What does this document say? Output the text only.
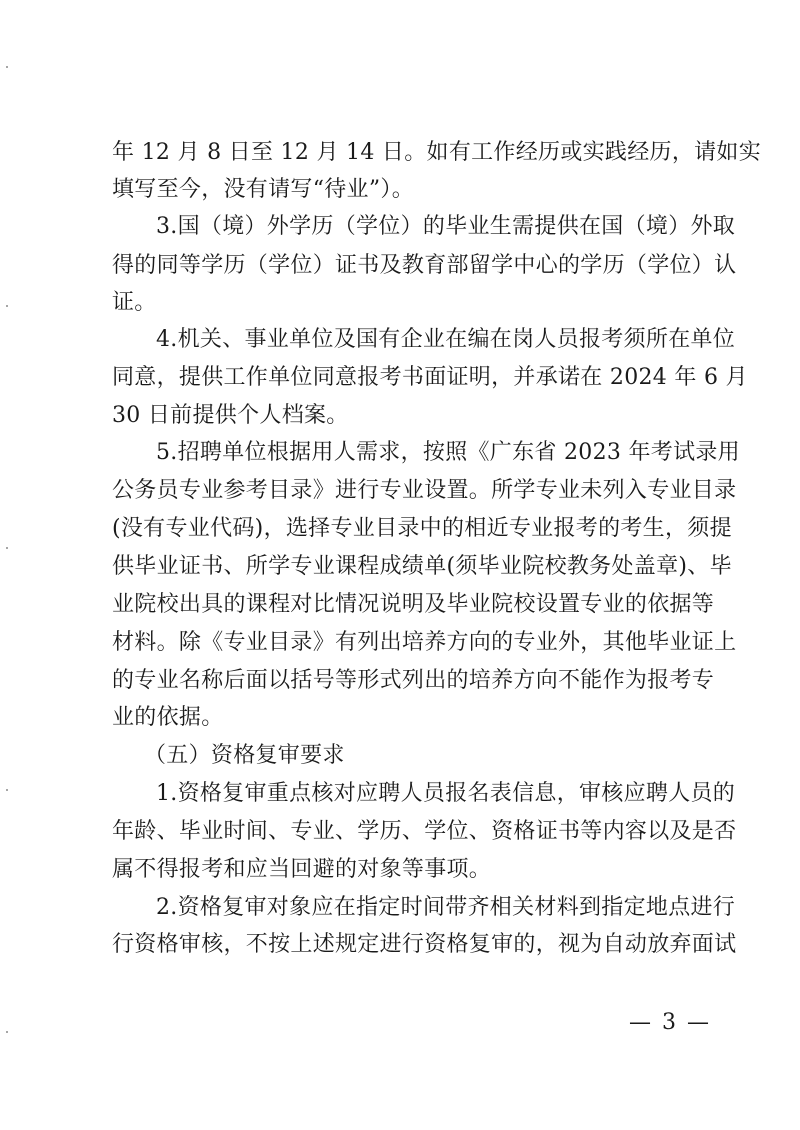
年 12 月 8 日至 12 月 14 日。如有工作经历或实践经历，请如实
填写至今，没有请写“待业”）。
3.国（境）外学历（学位）的毕业生需提供在国（境）外取
得的同等学历（学位）证书及教育部留学中心的学历（学位）认
证。
4.机关、事业单位及国有企业在编在岗人员报考须所在单位
同意，提供工作单位同意报考书面证明，并承诺在 2024 年 6 月
30 日前提供个人档案。
5.招聘单位根据用人需求，按照《广东省 2023 年考试录用
公务员专业参考目录》进行专业设置。所学专业未列入专业目录
(没有专业代码)，选择专业目录中的相近专业报考的考生，须提
供毕业证书、所学专业课程成绩单(须毕业院校教务处盖章)、毕
业院校出具的课程对比情况说明及毕业院校设置专业的依据等
材料。除《专业目录》有列出培养方向的专业外，其他毕业证上
的专业名称后面以括号等形式列出的培养方向不能作为报考专
业的依据。
（五）资格复审要求
1.资格复审重点核对应聘人员报名表信息，审核应聘人员的
年龄、毕业时间、专业、学历、学位、资格证书等内容以及是否
属不得报考和应当回避的对象等事项。
2.资格复审对象应在指定时间带齐相关材料到指定地点进行
行资格审核，不按上述规定进行资格复审的，视为自动放弃面试
— 3 —
